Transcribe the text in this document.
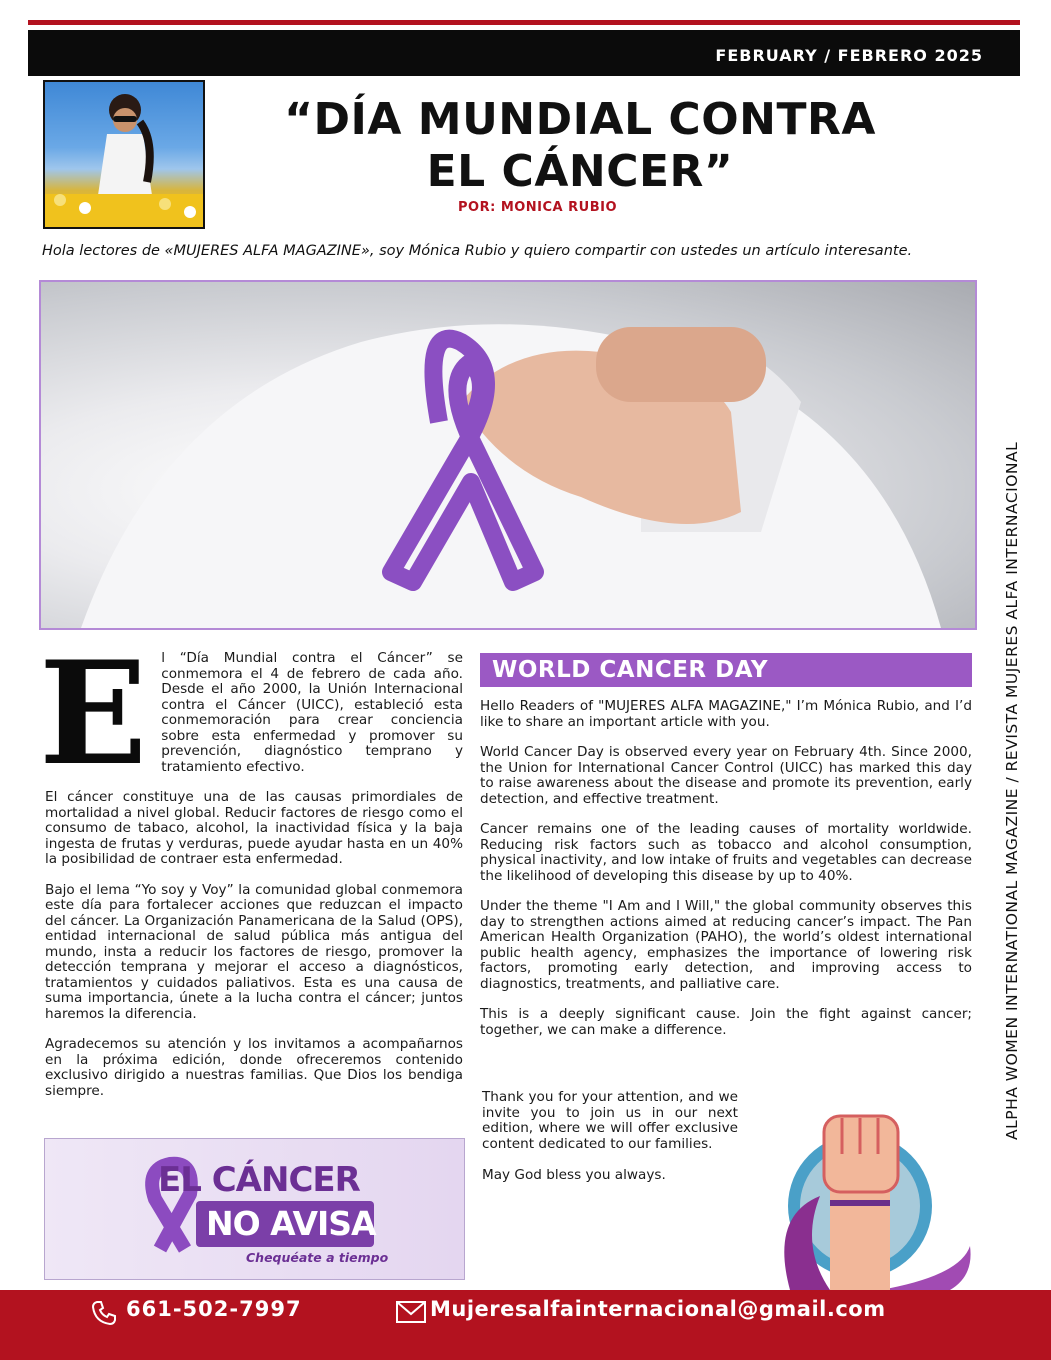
FEBRUARY / FEBRERO 2025
“DÍA MUNDIAL CONTRA
EL CÁNCER”
POR: MONICA RUBIO
Hola lectores de «MUJERES ALFA MAGAZINE», soy Mónica Rubio y quiero compartir con ustedes un artículo interesante.
ALPHA WOMEN INTERNATIONAL MAGAZINE / REVISTA MUJERES ALFA INTERNACIONAL
E	l “Día Mundial contra el Cáncer” se conmemora el 4 de febrero de cada año. Desde el año 2000, la Unión Internacional contra el Cáncer (UICC), estableció esta conmemoración para crear conciencia sobre esta enfermedad y promover su prevención, diagnóstico temprano y tratamiento efectivo.

El cáncer constituye una de las causas primordiales de mortalidad a nivel global. Reducir factores de riesgo como el consumo de tabaco, alcohol, la inactividad física y la baja ingesta de frutas y verduras, puede ayudar hasta en un 40% la posibilidad de contraer esta enfermedad.

Bajo el lema “Yo soy y Voy” la comunidad global conmemora este día para fortalecer acciones que reduzcan el impacto del cáncer. La Organización Panamericana de la Salud (OPS), entidad internacional de salud pública más antigua del mundo, insta a reducir los factores de riesgo, promover la detección temprana y mejorar el acceso a diagnósticos, tratamientos y cuidados paliativos. Esta es una causa de suma importancia, únete a la lucha contra el cáncer; juntos haremos la diferencia.

Agradecemos su atención y los invitamos a acompañarnos en la próxima edición, donde ofreceremos contenido exclusivo dirigido a nuestras familias. Que Dios los bendiga siempre.

WORLD CANCER DAY

Hello Readers of "MUJERES ALFA MAGAZINE," I’m Mónica Rubio, and I’d like to share an important article with you.

World Cancer Day is observed every year on February 4th. Since 2000, the Union for International Cancer Control (UICC) has marked this day to raise awareness about the disease and promote its prevention, early detection, and effective treatment.

Cancer remains one of the leading causes of mortality worldwide. Reducing risk factors such as tobacco and alcohol consumption, physical inactivity, and low intake of fruits and vegetables can decrease the likelihood of developing this disease by up to 40%.

Under the theme "I Am and I Will," the global community observes this day to strengthen actions aimed at reducing cancer’s impact. The Pan American Health Organization (PAHO), the world’s oldest international public health agency, emphasizes the importance of lowering risk factors, promoting early detection, and improving access to diagnostics, treatments, and palliative care.

This is a deeply significant cause. Join the fight against cancer; together, we can make a difference.

Thank you for your attention, and we invite you to join us in our next edition, where we will offer exclusive content dedicated to our families.

May God bless you always.

EL CÁNCER
NO AVISA
Chequéate a tiempo
661-502-7997	Mujeresalfainternacional@gmail.com
